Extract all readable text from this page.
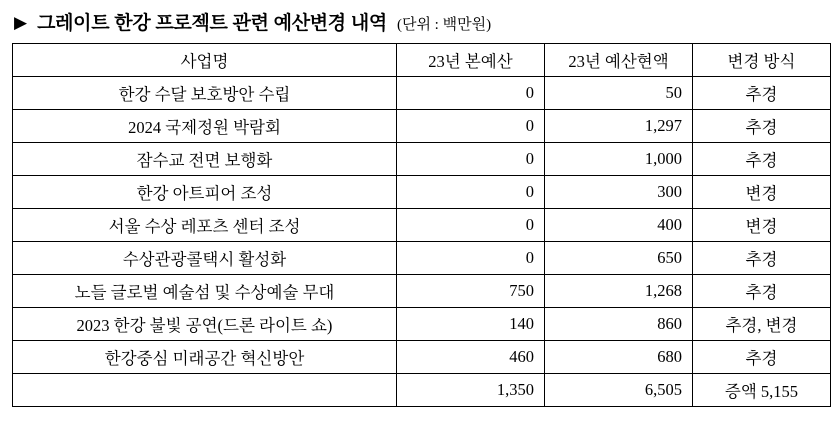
▶ 그레이트 한강 프로젝트 관련 예산변경 내역 (단위 : 백만원)
사업명	23년 본예산	23년 예산현액	변경 방식
한강 수달 보호방안 수립	0	50	추경
2024 국제정원 박람회	0	1,297	추경
잠수교 전면 보행화	0	1,000	추경
한강 아트피어 조성	0	300	변경
서울 수상 레포츠 센터 조성	0	400	변경
수상관광콜택시 활성화	0	650	추경
노들 글로벌 예술섬 및 수상예술 무대	750	1,268	추경
2023 한강 불빛 공연(드론 라이트 쇼)	140	860	추경, 변경
한강중심 미래공간 혁신방안	460	680	추경
	1,350	6,505	증액 5,155
